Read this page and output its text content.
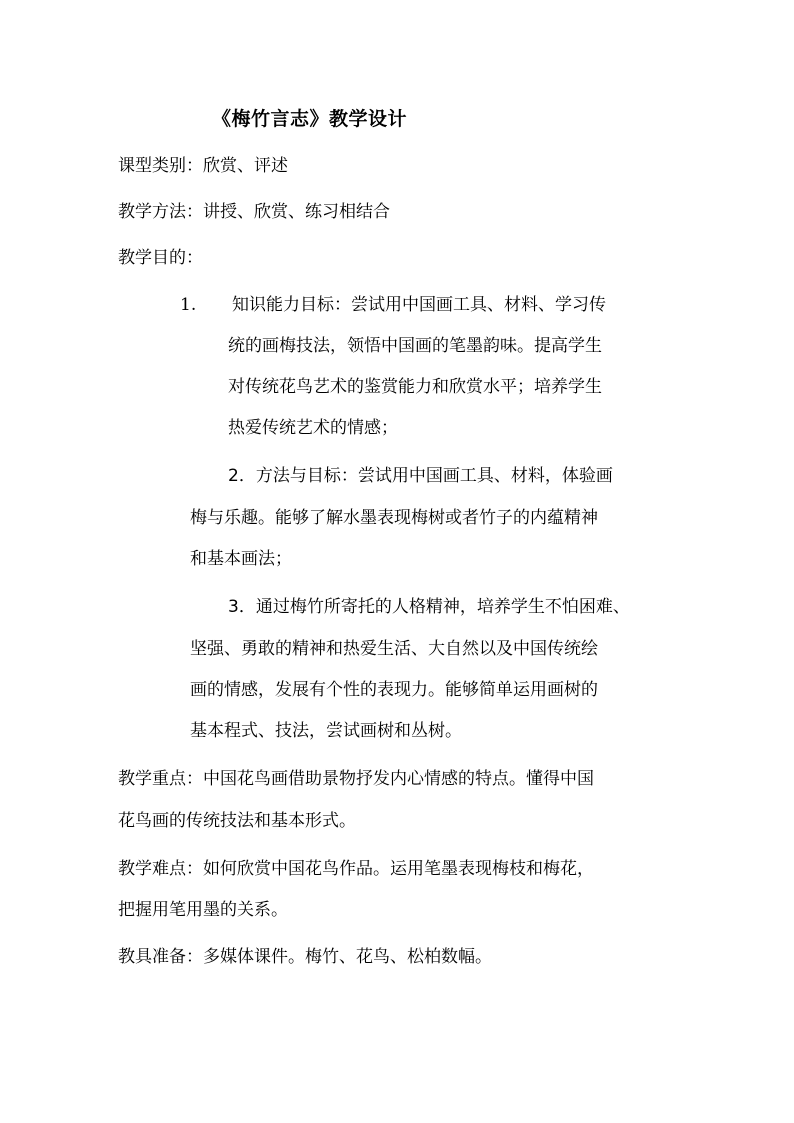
《梅竹言志》教学设计
课型类别：欣赏、评述
教学方法：讲授、欣赏、练习相结合
教学目的：
1. 知识能力目标：尝试用中国画工具、材料、学习传
统的画梅技法，领悟中国画的笔墨韵味。提高学生
对传统花鸟艺术的鉴赏能力和欣赏水平；培养学生
热爱传统艺术的情感；
2．方法与目标：尝试用中国画工具、材料，体验画
梅与乐趣。能够了解水墨表现梅树或者竹子的内蕴精神
和基本画法；
3．通过梅竹所寄托的人格精神，培养学生不怕困难、
坚强、勇敢的精神和热爱生活、大自然以及中国传统绘
画的情感，发展有个性的表现力。能够简单运用画树的
基本程式、技法，尝试画树和丛树。
教学重点：中国花鸟画借助景物抒发内心情感的特点。懂得中国
花鸟画的传统技法和基本形式。
教学难点：如何欣赏中国花鸟作品。运用笔墨表现梅枝和梅花，
把握用笔用墨的关系。
教具准备：多媒体课件。梅竹、花鸟、松柏数幅。
